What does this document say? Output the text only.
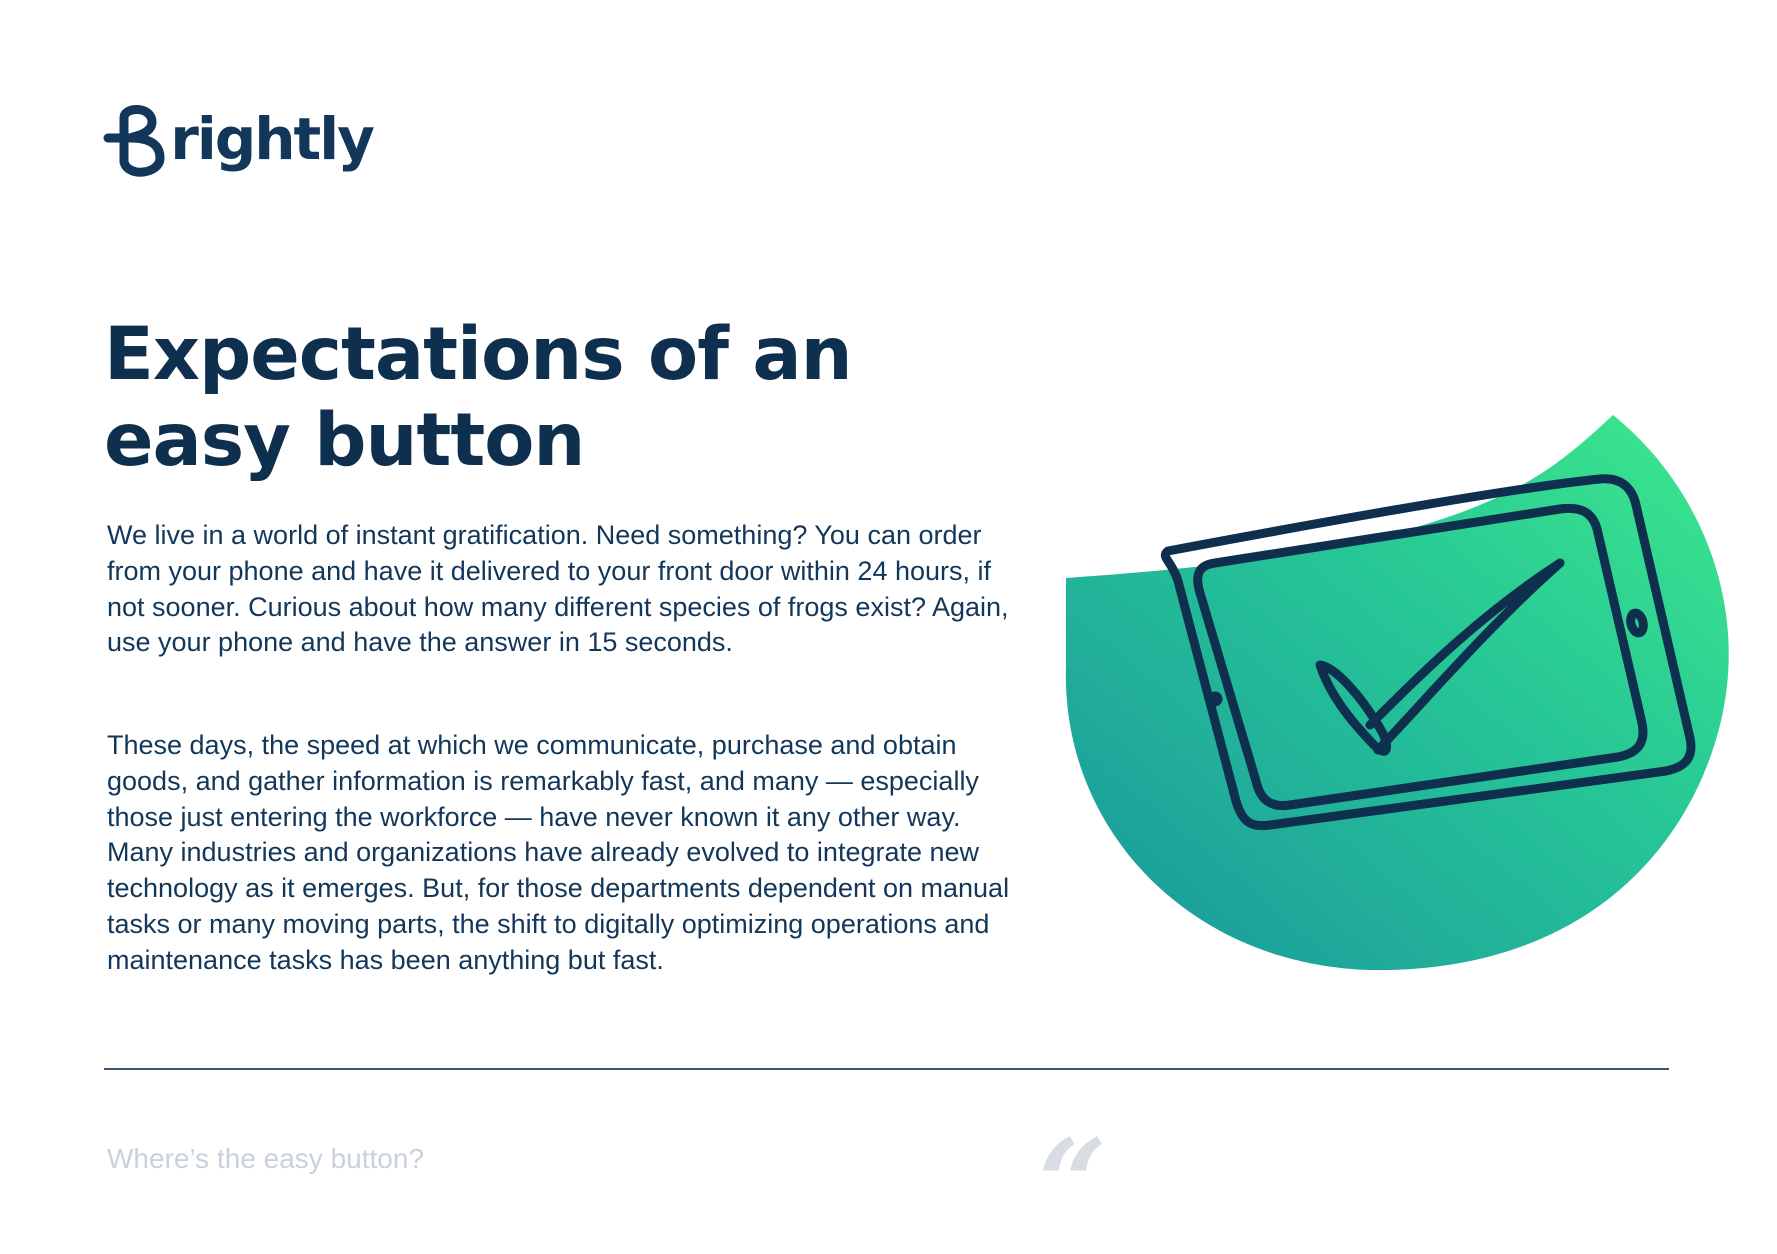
rightly
Expectations of an
easy button

We live in a world of instant gratification. Need something? You can order from your phone and have it delivered to your front door within 24 hours, if not sooner. Curious about how many different species of frogs exist? Again, use your phone and have the answer in 15 seconds.

These days, the speed at which we communicate, purchase and obtain goods, and gather information is remarkably fast, and many — especially those just entering the workforce — have never known it any other way. Many industries and organizations have already evolved to integrate new technology as it emerges. But, for those departments dependent on manual tasks or many moving parts, the shift to digitally optimizing operations and maintenance tasks has been anything but fast.

Where’s the easy button?	“
